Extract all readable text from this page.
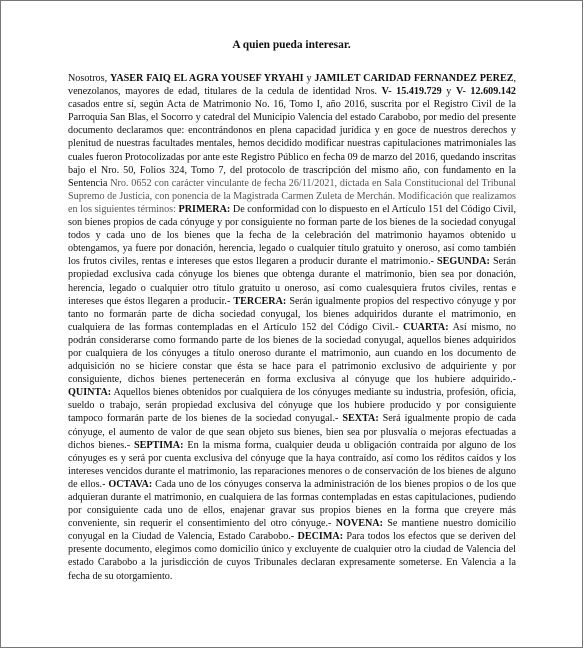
A quien pueda interesar.

Nosotros, YASER FAIQ EL AGRA YOUSEF YRYAHI y JAMILET CARIDAD FERNANDEZ PEREZ, venezolanos, mayores de edad, titulares de la cedula de identidad Nros. V- 15.419.729 y V- 12.609.142 casados entre sí, según Acta de Matrimonio No. 16, Tomo I, año 2016, suscrita por el Registro Civil de la Parroquia San Blas, el Socorro y catedral del Municipio Valencia del estado Carabobo, por medio del presente documento declaramos que: encontrándonos en plena capacidad jurídica y en goce de nuestros derechos y plenitud de nuestras facultades mentales, hemos decidido modificar nuestras capitulaciones matrimoniales las cuales fueron Protocolizadas por ante este Registro Público en fecha 09 de marzo del 2016, quedando inscritas bajo el Nro. 50, Folios 324, Tomo 7, del protocolo de trascripción del mismo año, con fundamento en la Sentencia Nro. 0652 con carácter vinculante de fecha 26/11/2021, dictada en Sala Constitucional del Tribunal Supremo de Justicia, con ponencia de la Magistrada Carmen Zuleta de Merchán. Modificación que realizamos en los siguientes términos: PRIMERA: De conformidad con lo dispuesto en el Artículo 151 del Código Civil, son bienes propios de cada cónyuge y por consiguiente no forman parte de los bienes de la sociedad conyugal todos y cada uno de los bienes que la fecha de la celebración del matrimonio hayamos obtenido u obtengamos, ya fuere por donación, herencia, legado o cualquier título gratuito y oneroso, así como también los frutos civiles, rentas e intereses que estos llegaren a producir durante el matrimonio.- SEGUNDA: Serán propiedad exclusiva cada cónyuge los bienes que obtenga durante el matrimonio, bien sea por donación, herencia, legado o cualquier otro título gratuito u oneroso, así como cualesquiera frutos civiles, rentas e intereses que éstos llegaren a producir.- TERCERA: Serán igualmente propios del respectivo cónyuge y por tanto no formarán parte de dicha sociedad conyugal, los bienes adquiridos durante el matrimonio, en cualquiera de las formas contempladas en el Artículo 152 del Código Civil.- CUARTA: Así mismo, no podrán considerarse como formando parte de los bienes de la sociedad conyugal, aquellos bienes adquiridos por cualquiera de los cónyuges a título oneroso durante el matrimonio, aun cuando en los documento de adquisición no se hiciere constar que ésta se hace para el patrimonio exclusivo de adquiriente y por consiguiente, dichos bienes pertenecerán en forma exclusiva al cónyuge que los hubiere adquirido.- QUINTA: Aquellos bienes obtenidos por cualquiera de los cónyuges mediante su industria, profesión, oficia, sueldo o trabajo, serán propiedad exclusiva del cónyuge que los hubiere producido y por consiguiente tampoco formarán parte de los bienes de la sociedad conyugal.- SEXTA: Será igualmente propio de cada cónyuge, el aumento de valor de que sean objeto sus bienes, bien sea por plusvalía o mejoras efectuadas a dichos bienes.- SEPTIMA: En la misma forma, cualquier deuda u obligación contraída por alguno de los cónyuges es y será por cuenta exclusiva del cónyuge que la haya contraído, así como los réditos caídos y los intereses vencidos durante el matrimonio, las reparaciones menores o de conservación de los bienes de alguno de ellos.- OCTAVA: Cada uno de los cónyuges conserva la administración de los bienes propios o de los que adquieran durante el matrimonio, en cualquiera de las formas contempladas en estas capitulaciones, pudiendo por consiguiente cada uno de ellos, enajenar gravar sus propios bienes en la forma que creyere más conveniente, sin requerir el consentimiento del otro cónyuge.- NOVENA: Se mantiene nuestro domicilio conyugal en la Ciudad de Valencia, Estado Carabobo.- DECIMA: Para todos los efectos que se deriven del presente documento, elegimos como domicilio único y excluyente de cualquier otro la ciudad de Valencia del estado Carabobo a la jurisdicción de cuyos Tribunales declaran expresamente someterse. En Valencia a la fecha de su otorgamiento.
